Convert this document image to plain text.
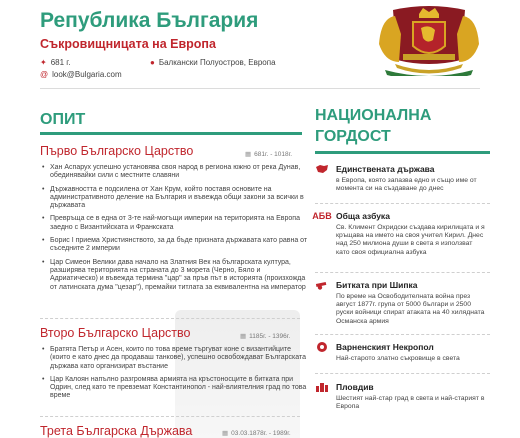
Република България
Съкровищницата на Европа
✦ 681 г.	● Балкански Полуостров, Европа
@ look@Bulgaria.com
ОПИТ	НАЦИОНАЛНА
ГОРДОСТ
Първо Българско Царство	▦ 681г. - 1018г.
• Хан Аспарух успешно установява своя народ в региона южно от река Дунав, обединявайки сили с местните славяни
• Държавността е подсилена от Хан Крум, който поставя основите на административното деление на България и въвежда общи закони за всички в държавата
• Превръща се в една от 3-те най-могъщи империи на територията на Европа заедно с Византийската и Франкската
• Борис I приема Християнството, за да бъде призната държавата като равна от съседните 2 империи
• Цар Симеон Велики дава начало на Златния Век на българската култура, разширява територията на страната до 3 морета (Черно, Бяло и Адриатическо) и въвежда термина "цар" за пръв път в историята (произхожда от латинската дума "цезар"), премайки титлата за еквивалентна на император
Второ Българско Царство	▦ 1185г. - 1396г.
• Братята Петър и Асен, които по това време търгуват коне с византийците (които е като днес да продаваш танкове), успешно освобождават Българската държава като организират въстание
• Цар Калоян напълно разгромява армията на кръстоносците в битката при Одрин, след като те превземат Константинопол - най-влиятелния град по това време
Трета Българска Държава	▦ 03.03.1878г. - 1989г.
Единствената държава
в Европа, която запазва едно и също име от момента си на създаване до днес
АБВ Обща азбука
Св. Климент Охридски създава кирилицата и я кръщава на името на своя учител Кирил. Днес над 250 милиона души в света я използват като своя официална азбука
Битката при Шипка
По време на Освободителната война през август 1877г. група от 5000 българи и 2500 руски войници спират атаката на 40 хилядната Османска армия
Варненският Некропол
Най-старото златно съкровище в света
Пловдив
Шестият най-стар град в света и най-старият в Европа
